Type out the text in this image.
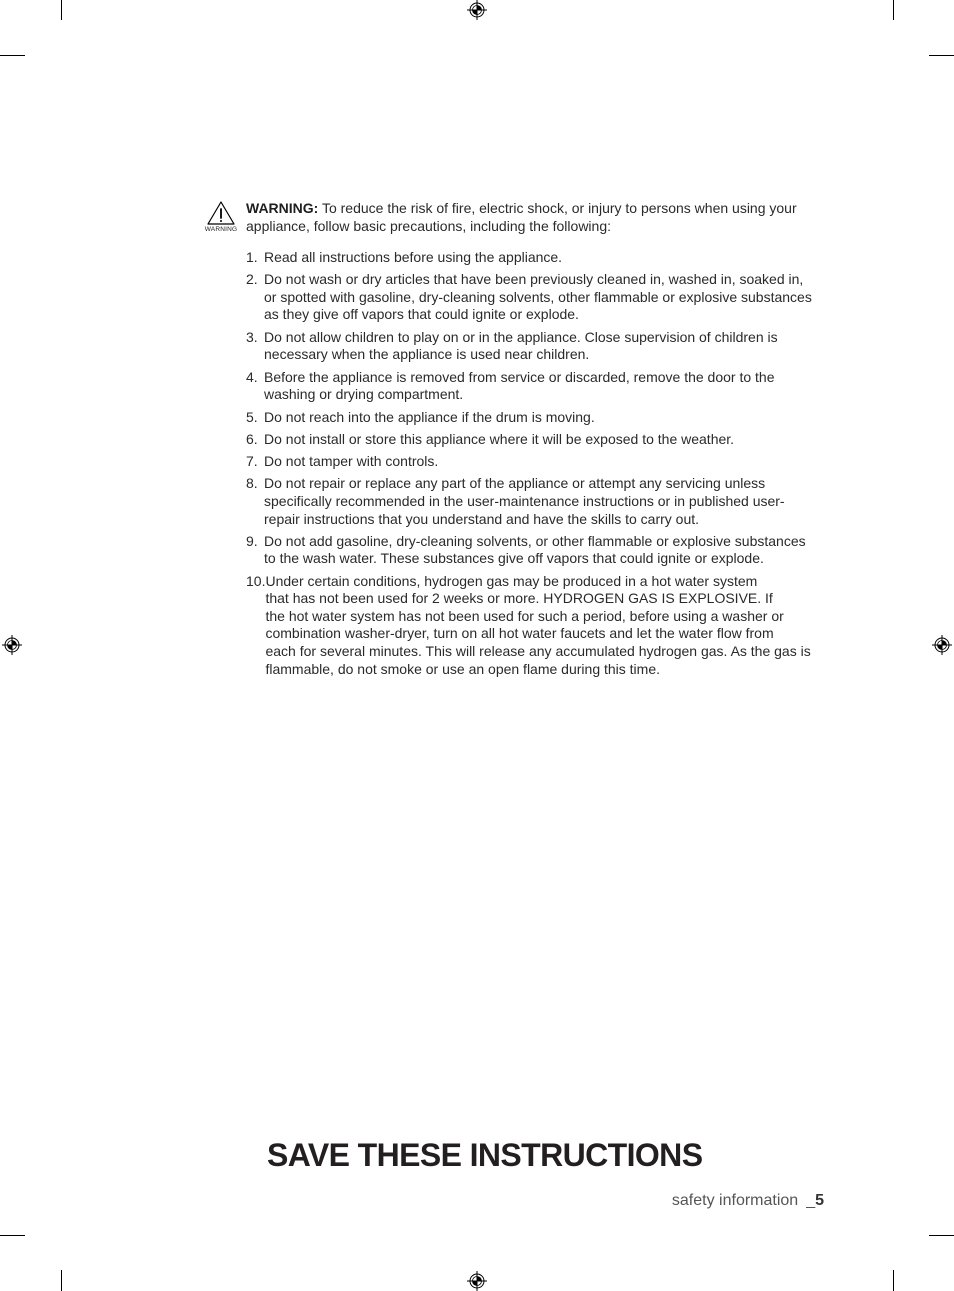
WARNING

WARNING: To reduce the risk of fire, electric shock, or injury to persons when using your
appliance, follow basic precautions, including the following:

1. Read all instructions before using the appliance.
2. Do not wash or dry articles that have been previously cleaned in, washed in, soaked in,
or spotted with gasoline, dry-cleaning solvents, other flammable or explosive substances
as they give off vapors that could ignite or explode.
3. Do not allow children to play on or in the appliance. Close supervision of children is
necessary when the appliance is used near children.
4. Before the appliance is removed from service or discarded, remove the door to the
washing or drying compartment.
5. Do not reach into the appliance if the drum is moving.
6. Do not install or store this appliance where it will be exposed to the weather.
7. Do not tamper with controls.
8. Do not repair or replace any part of the appliance or attempt any servicing unless
specifically recommended in the user-maintenance instructions or in published user-
repair instructions that you understand and have the skills to carry out.
9. Do not add gasoline, dry-cleaning solvents, or other flammable or explosive substances
to the wash water. These substances give off vapors that could ignite or explode.
10. Under certain conditions, hydrogen gas may be produced in a hot water system
that has not been used for 2 weeks or more. HYDROGEN GAS IS EXPLOSIVE. If
the hot water system has not been used for such a period, before using a washer or
combination washer-dryer, turn on all hot water faucets and let the water flow from
each for several minutes. This will release any accumulated hydrogen gas. As the gas is
flammable, do not smoke or use an open flame during this time.
SAVE THESE INSTRUCTIONS
safety information _5
